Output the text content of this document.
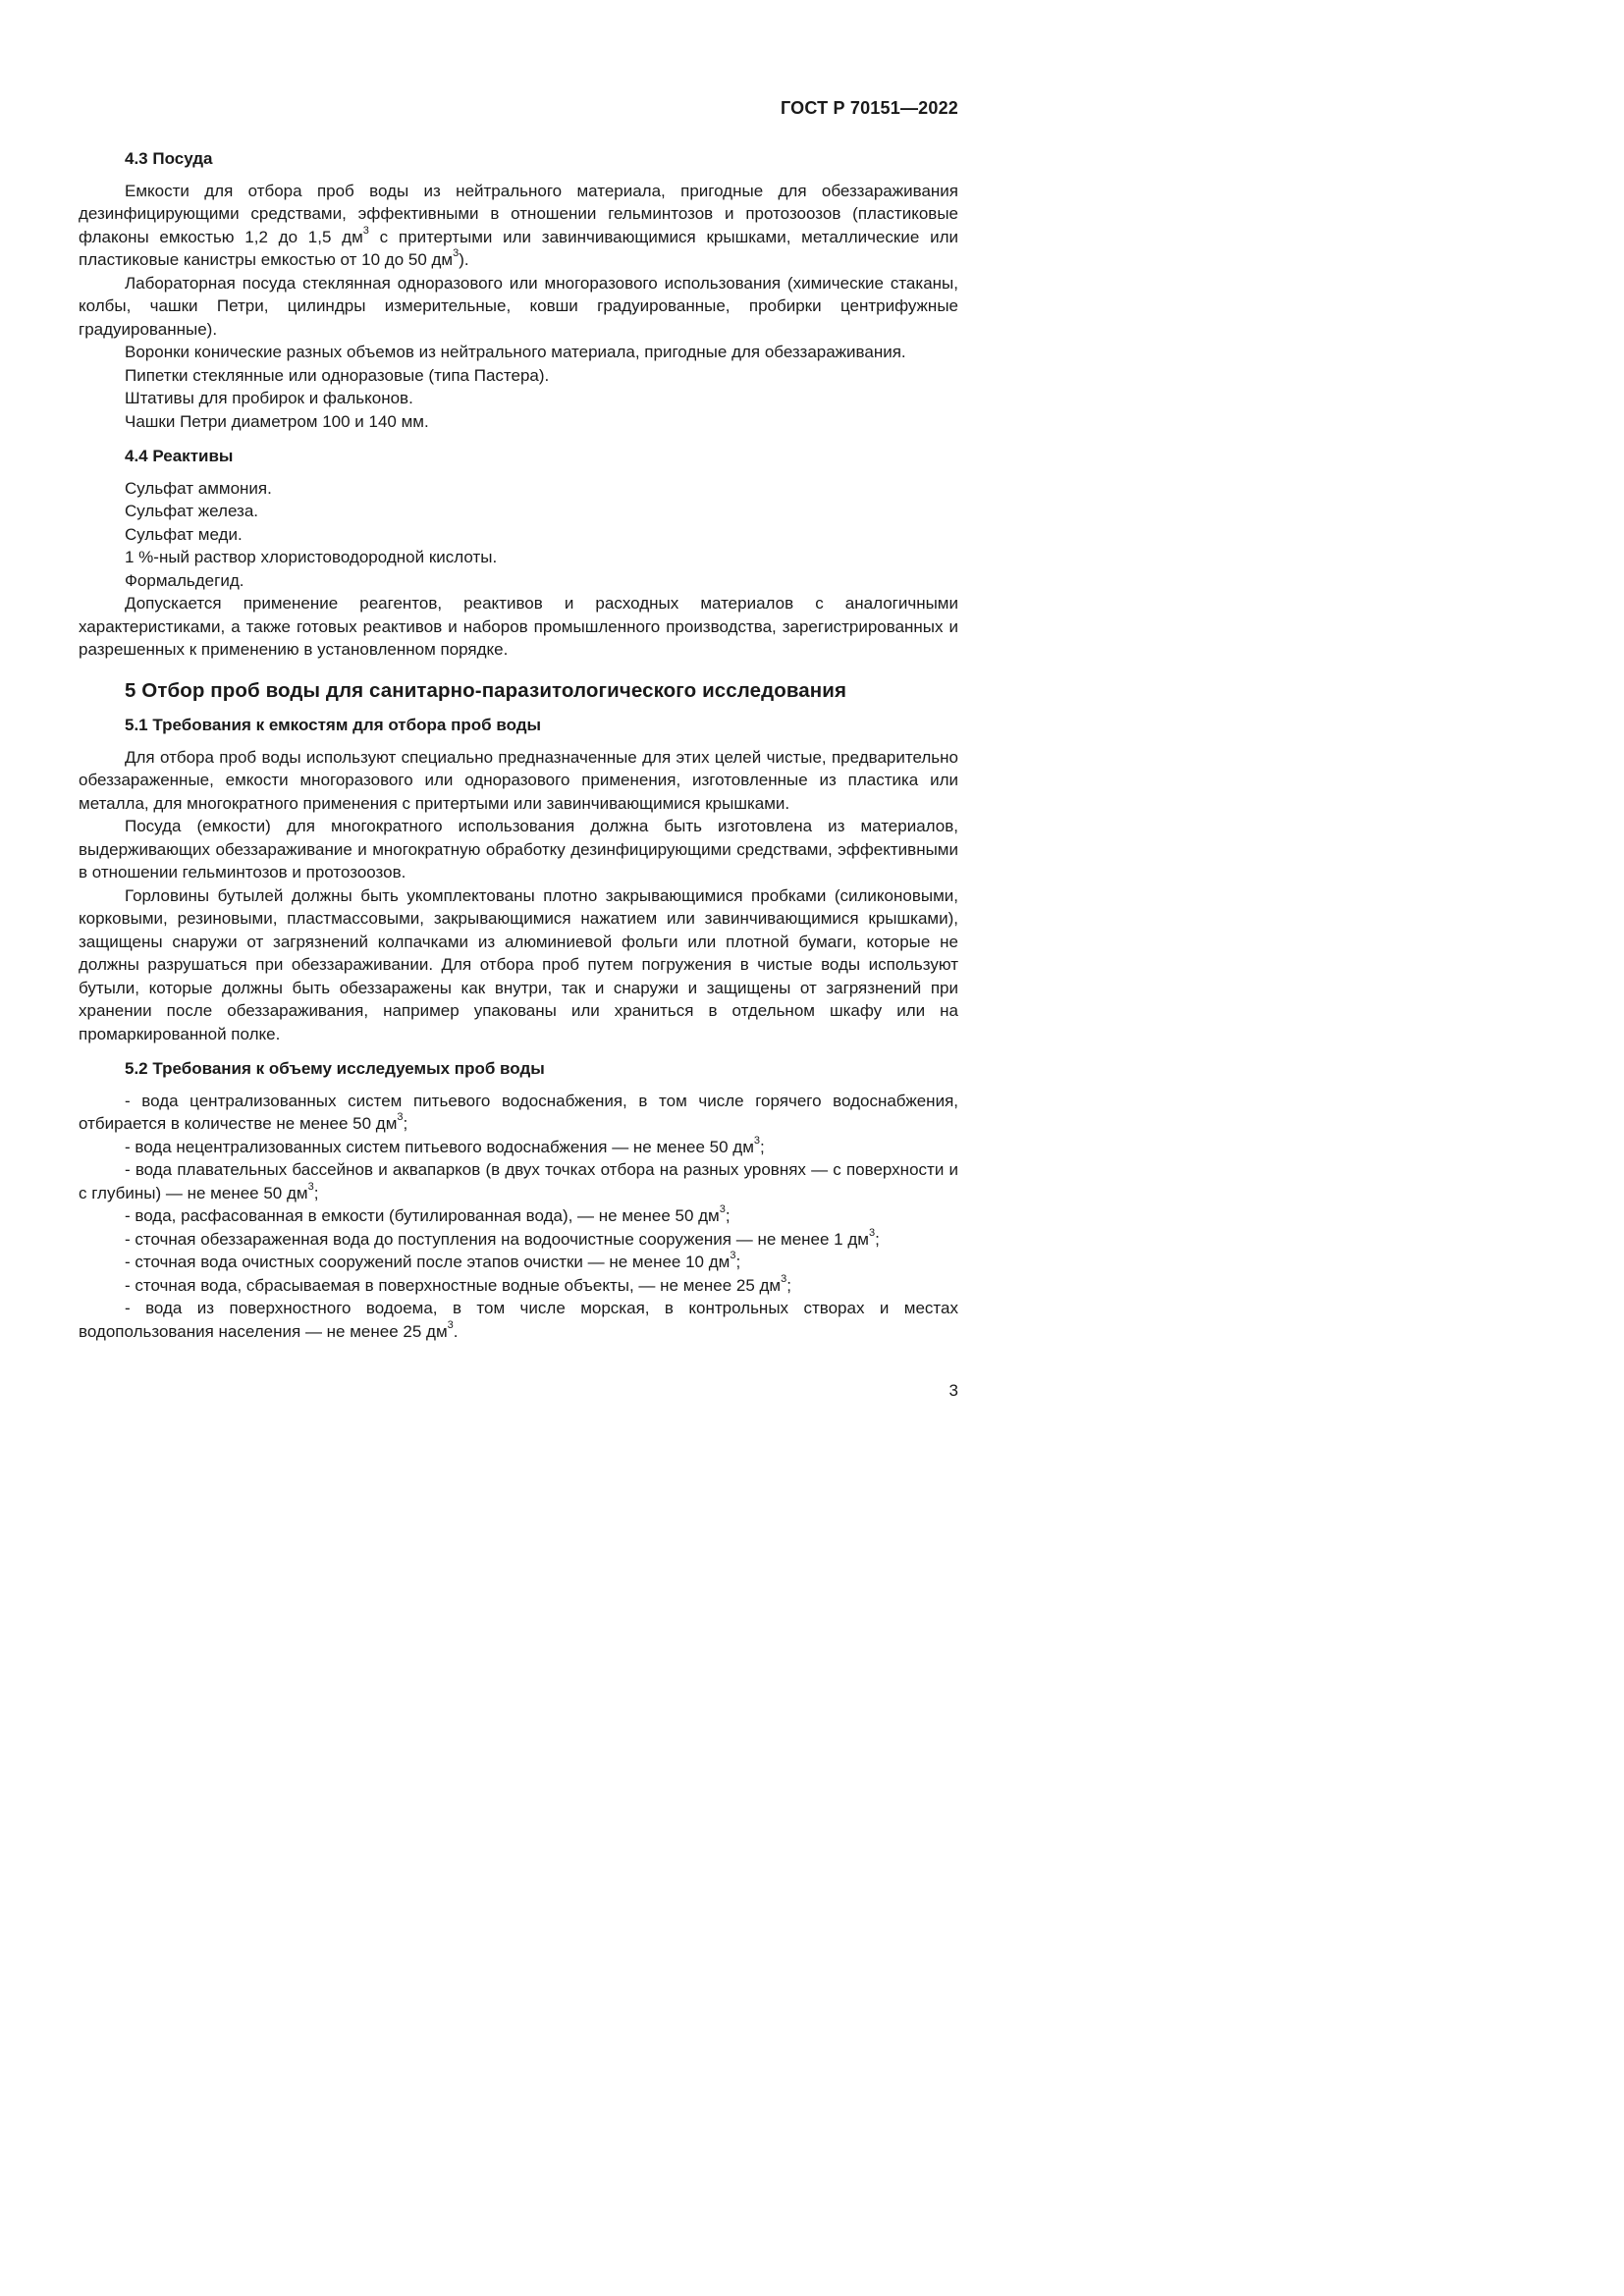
ГОСТ Р 70151—2022
4.3 Посуда

Емкости для отбора проб воды из нейтрального материала, пригодные для обеззараживания дезинфицирующими средствами, эффективными в отношении гельминтозов и протозоозов (пластиковые флаконы емкостью 1,2 до 1,5 $дм^3$ с притертыми или завинчивающимися крышками, металлические или пластиковые канистры емкостью от 10 до 50 $дм^3$).

Лабораторная посуда стеклянная одноразового или многоразового использования (химические стаканы, колбы, чашки Петри, цилиндры измерительные, ковши градуированные, пробирки центрифужные градуированные).

Воронки конические разных объемов из нейтрального материала, пригодные для обеззараживания.

Пипетки стеклянные или одноразовые (типа Пастера).
Штативы для пробирок и фальконов.
Чашки Петри диаметром 100 и 140 мм.
4.4 Реактивы
Сульфат аммония.
Сульфат железа.
Сульфат меди.
1 %-ный раствор хлористоводородной кислоты.
Формальдегид.

Допускается применение реагентов, реактивов и расходных материалов с аналогичными характеристиками, а также готовых реактивов и наборов промышленного производства, зарегистрированных и разрешенных к применению в установленном порядке.

5 Отбор проб воды для санитарно-паразитологического исследования
5.1 Требования к емкостям для отбора проб воды

Для отбора проб воды используют специально предназначенные для этих целей чистые, предварительно обеззараженные, емкости многоразового или одноразового применения, изготовленные из пластика или металла, для многократного применения с притертыми или завинчивающимися крышками.

Посуда (емкости) для многократного использования должна быть изготовлена из материалов, выдерживающих обеззараживание и многократную обработку дезинфицирующими средствами, эффективными в отношении гельминтозов и протозоозов.

Горловины бутылей должны быть укомплектованы плотно закрывающимися пробками (силиконовыми, корковыми, резиновыми, пластмассовыми, закрывающимися нажатием или завинчивающимися крышками), защищены снаружи от загрязнений колпачками из алюминиевой фольги или плотной бумаги, которые не должны разрушаться при обеззараживании. Для отбора проб путем погружения в чистые воды используют бутыли, которые должны быть обеззаражены как внутри, так и снаружи и защищены от загрязнений при хранении после обеззараживания, например упакованы или храниться в отдельном шкафу или на промаркированной полке.

5.2 Требования к объему исследуемых проб воды

- вода централизованных систем питьевого водоснабжения, в том числе горячего водоснабжения, отбирается в количестве не менее 50 $дм^3$;

- вода нецентрализованных систем питьевого водоснабжения — не менее 50 $дм^3$;

- вода плавательных бассейнов и аквапарков (в двух точках отбора на разных уровнях — с поверхности и с глубины) — не менее 50 $дм^3$;

- вода, расфасованная в емкости (бутилированная вода), — не менее 50 $дм^3$;

- сточная обеззараженная вода до поступления на водоочистные сооружения — не менее 1 $дм^3$;

- сточная вода очистных сооружений после этапов очистки — не менее 10 $дм^3$;

- сточная вода, сбрасываемая в поверхностные водные объекты, — не менее 25 $дм^3$;

- вода из поверхностного водоема, в том числе морская, в контрольных створах и местах водопользования населения — не менее 25 $дм^3$.

3
